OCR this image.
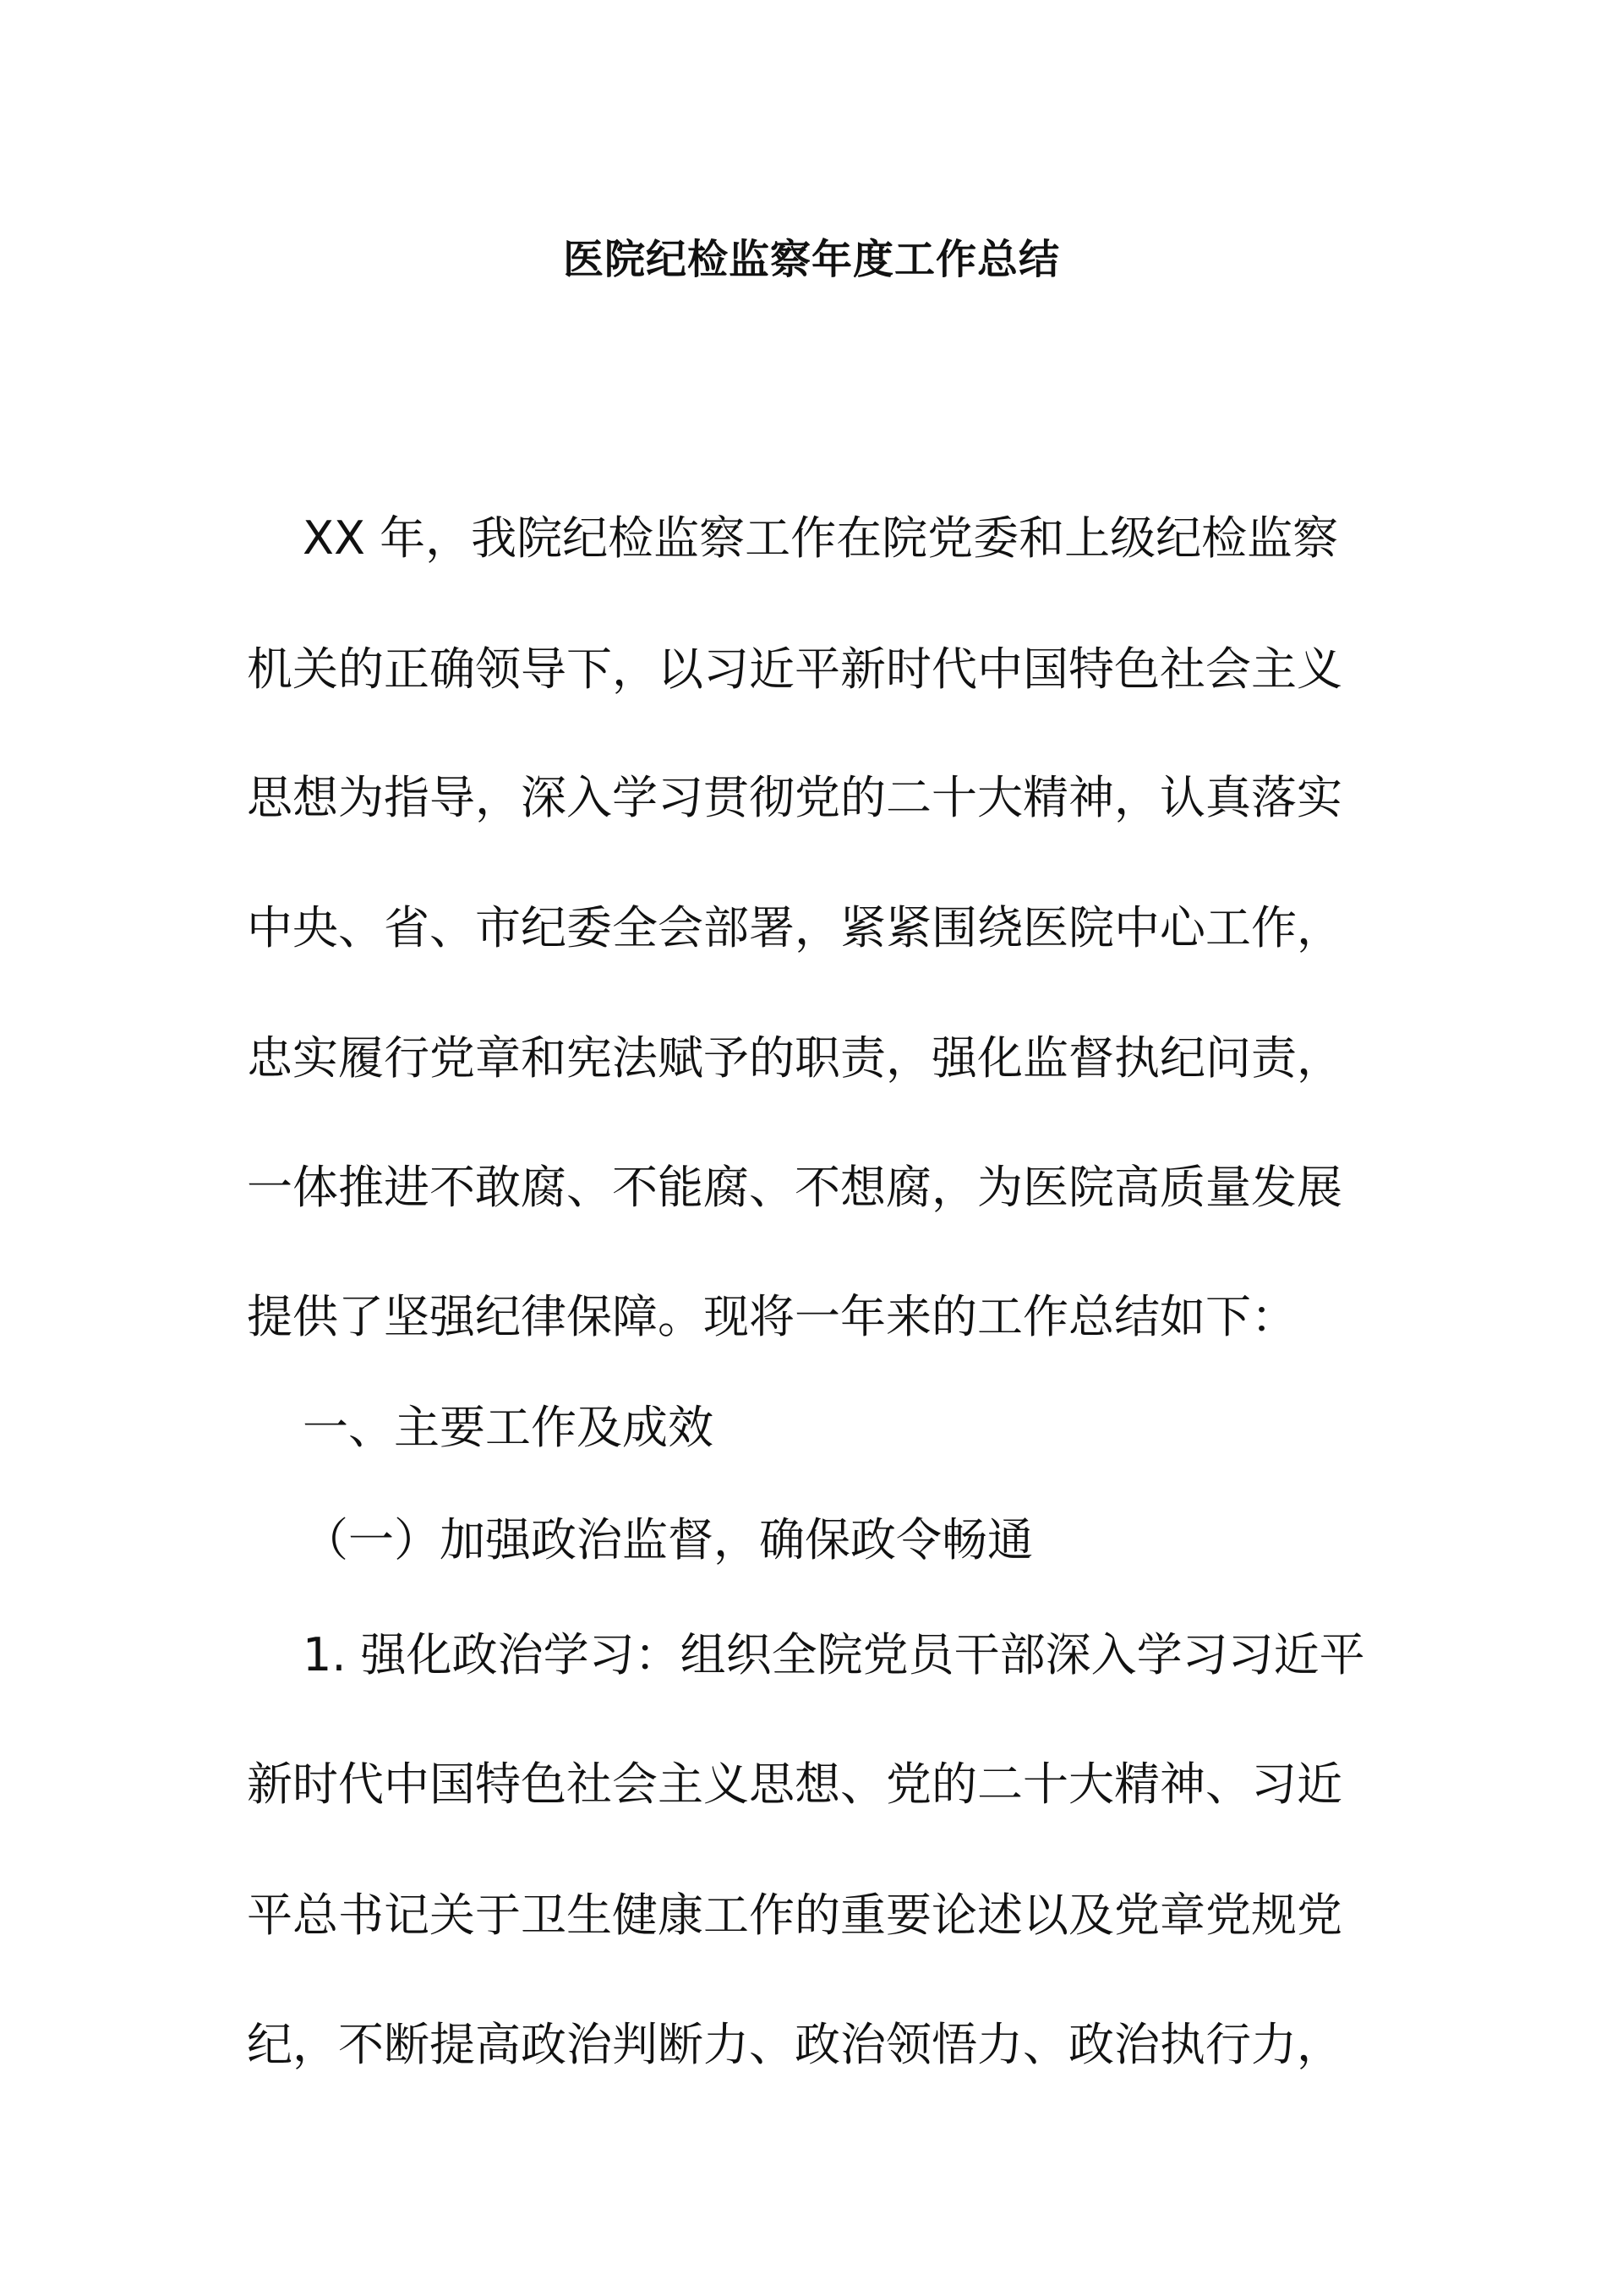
医院纪检监察年度工作总结
XX 年，我院纪检监察工作在院党委和上级纪检监察
机关的正确领导下，以习近平新时代中国特色社会主义
思想为指导，深入学习贯彻党的二十大精神，认真落实
中央、省、市纪委全会部署，紧紧围绕医院中心工作，
忠实履行党章和宪法赋予的职责，强化监督执纪问责，
一体推进不敢腐、不能腐、不想腐，为医院高质量发展
提供了坚强纪律保障。现将一年来的工作总结如下：
一、主要工作及成效
（一）加强政治监督，确保政令畅通
1. 强化政治学习：组织全院党员干部深入学习习近平
新时代中国特色社会主义思想、党的二十大精神、习近
平总书记关于卫生健康工作的重要论述以及党章党规党
纪，不断提高政治判断力、政治领悟力、政治执行力，
